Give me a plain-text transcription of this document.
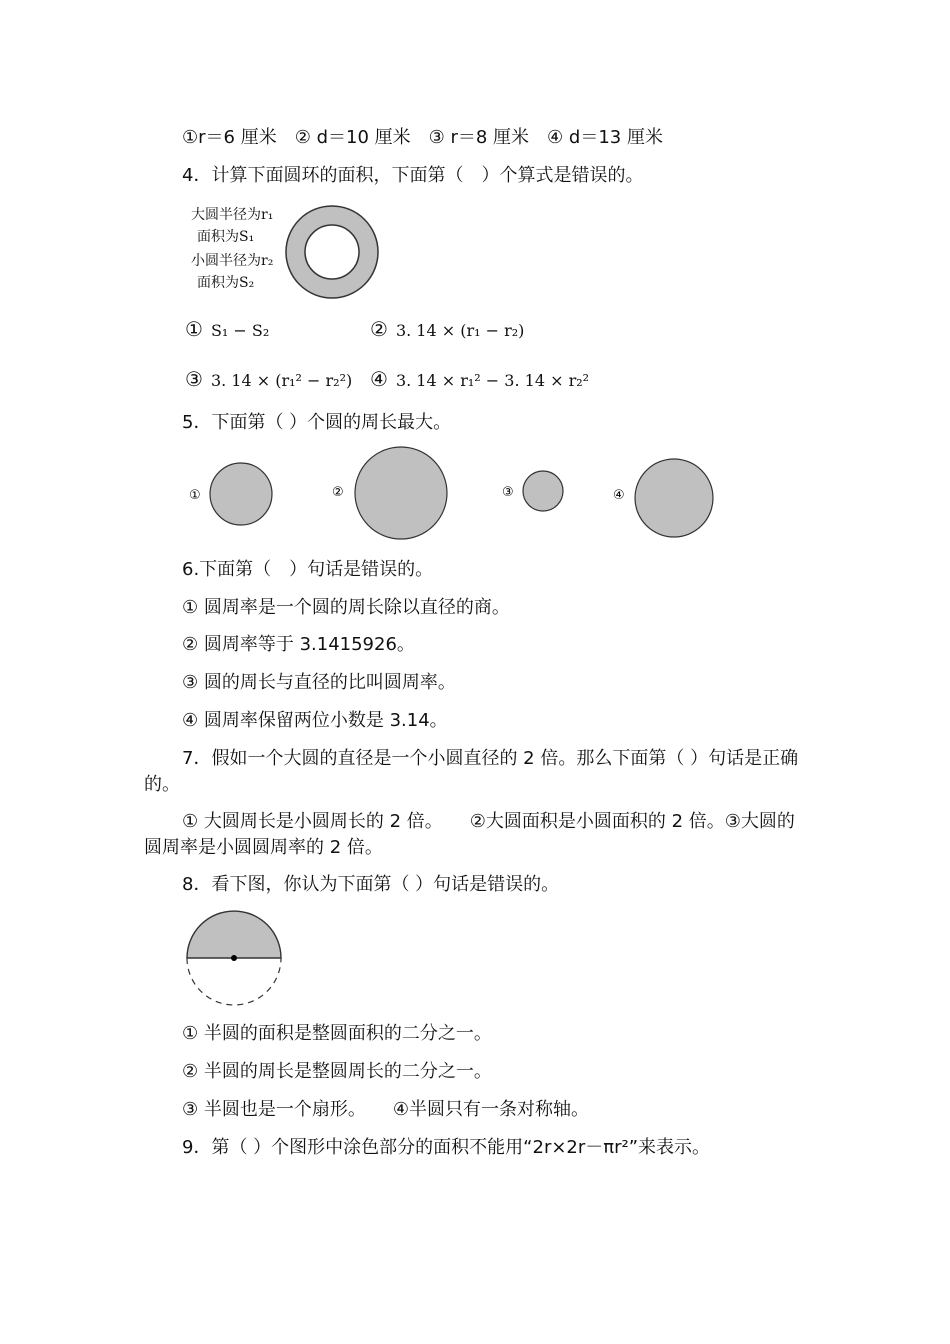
①r＝6 厘米　② d＝10 厘米　③ r＝8 厘米　④ d＝13 厘米
4．计算下面圆环的面积，下面第（　）个算式是错误的。
大圆半径为r₁
面积为S₁
小圆半径为r₂
面积为S₂
① S₁ − S₂	② 3. 14 × (r₁ − r₂)
③ 3. 14 × (r₁² − r₂²) ④ 3. 14 × r₁² − 3. 14 × r₂²
5．下面第（ ）个圆的周长最大。
①	②	③	④
6.下面第（　）句话是错误的。
① 圆周率是一个圆的周长除以直径的商。
② 圆周率等于 3.1415926。
③ 圆的周长与直径的比叫圆周率。
④ 圆周率保留两位小数是 3.14。
7．假如一个大圆的直径是一个小圆直径的 2 倍。那么下面第（ ）句话是正确的。
① 大圆周长是小圆周长的 2 倍。　　②大圆面积是小圆面积的 2 倍。③大圆的圆周率是小圆圆周率的 2 倍。
8．看下图，你认为下面第（ ）句话是错误的。
① 半圆的面积是整圆面积的二分之一。
② 半圆的周长是整圆周长的二分之一。
③ 半圆也是一个扇形。　　④半圆只有一条对称轴。
9．第（ ）个图形中涂色部分的面积不能用“2r×2r－πr²”来表示。
